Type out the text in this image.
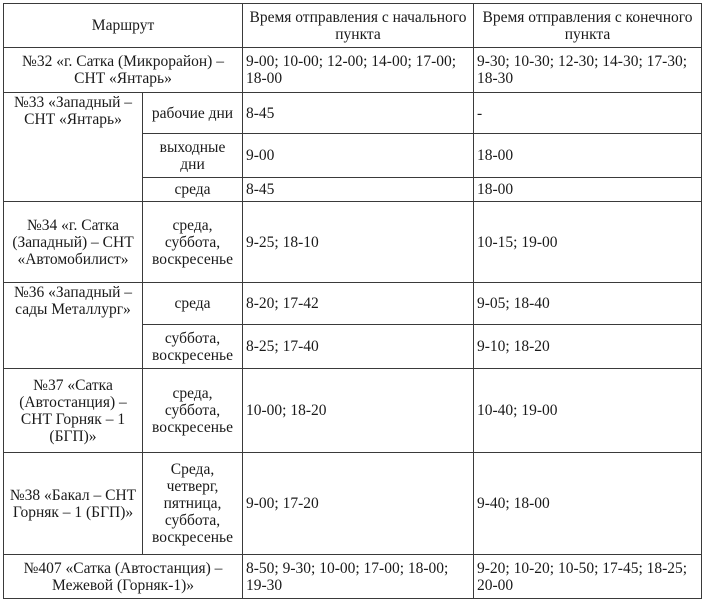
Маршрут		Время отправления с начального пункта	Время отправления с конечного пункта
№32 «г. Сатка (Микрорайон) – СНТ «Янтарь»		9-00; 10-00; 12-00; 14-00; 17-00; 18-00	9-30; 10-30; 12-30; 14-30; 17-30; 18-30
№33 «Западный – СНТ «Янтарь»	рабочие дни	8-45	-
	выходные дни	9-00	18-00
	среда	8-45	18-00
№34 «г. Сатка (Западный) – СНТ «Автомобилист»	среда, суббота, воскресенье	9-25; 18-10	10-15; 19-00
№36 «Западный – сады Металлург»	среда	8-20; 17-42	9-05; 18-40
	суббота, воскресенье	8-25; 17-40	9-10; 18-20
№37 «Сатка (Автостанция) – СНТ Горняк – 1 (БГП)»	среда, суббота, воскресенье	10-00; 18-20	10-40; 19-00
№38 «Бакал – СНТ Горняк – 1 (БГП)»	Среда, четверг, пятница, суббота, воскресенье	9-00; 17-20	9-40; 18-00
№407 «Сатка (Автостанция) – Межевой (Горняк-1)»		8-50; 9-30; 10-00; 17-00; 18-00; 19-30	9-20; 10-20; 10-50; 17-45; 18-25; 20-00
